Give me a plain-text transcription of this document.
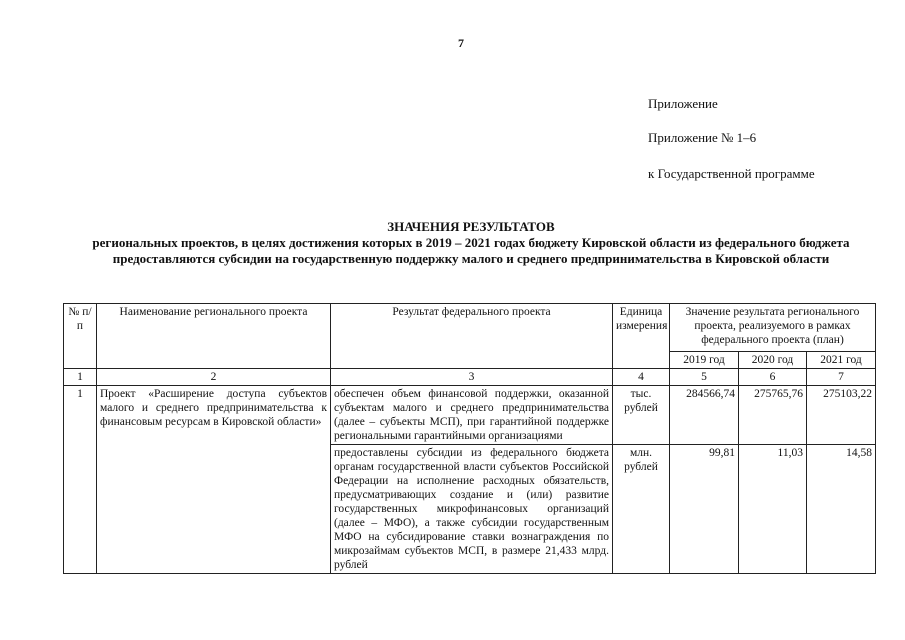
7
Приложение
Приложение № 1–6
к Государственной программе
ЗНАЧЕНИЯ РЕЗУЛЬТАТОВ
региональных проектов, в целях достижения которых в 2019 – 2021 годах бюджету Кировской области из федерального бюджета предоставляются субсидии на государственную поддержку малого и среднего предпринимательства в Кировской области
№ п/п	Наименование регионального проекта	Результат федерального проекта	Единица измерения	Значение результата регионального проекта, реализуемого в рамках федерального проекта (план)		
				2019 год	2020 год	2021 год
1	2	3	4	5	6	7
1	Проект «Расширение доступа субъектов малого и среднего предпринимательства к финансовым ресурсам в Кировской области»	обеспечен объем финансовой поддержки, оказанной субъектам малого и среднего предпринимательства (далее – субъекты МСП), при гарантийной поддержке региональными гарантийными организациями	тыс. рублей	284566,74	275765,76	275103,22
		предоставлены субсидии из федерального бюджета органам государственной власти субъектов Российской Федерации на исполнение расходных обязательств, предусматривающих создание и (или) развитие государственных микрофинансовых организаций (далее – МФО), а также субсидии государственным МФО на субсидирование ставки вознаграждения по микрозаймам субъектов МСП, в размере 21,433 млрд. рублей	млн. рублей	99,81	11,03	14,58
